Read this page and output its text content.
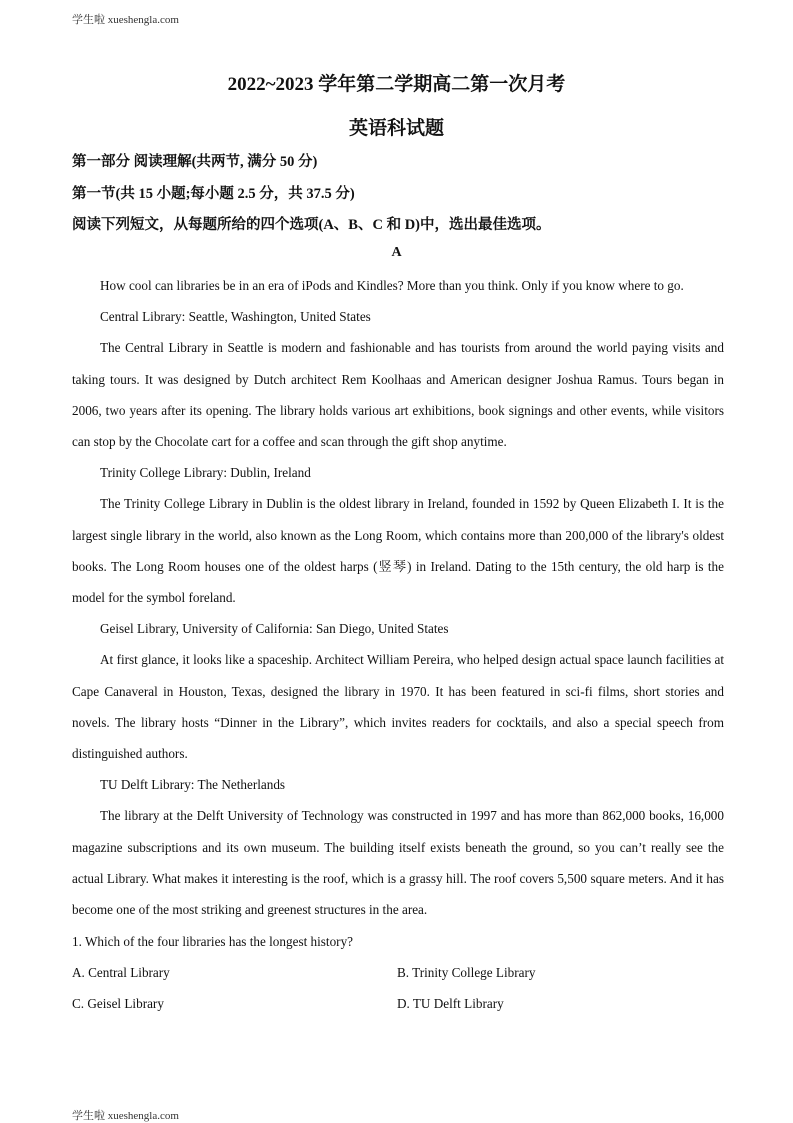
学生啦 xueshengla.com
2022~2023 学年第二学期高二第一次月考
英语科试题
第一部分 阅读理解(共两节, 满分 50 分)
第一节(共 15 小题;每小题 2.5 分，共 37.5 分)
阅读下列短文，从每题所给的四个选项(A、B、C 和 D)中，选出最佳选项。
A

How cool can libraries be in an era of iPods and Kindles? More than you think. Only if you know where to go.

Central Library: Seattle, Washington, United States

The Central Library in Seattle is modern and fashionable and has tourists from around the world paying visits and taking tours. It was designed by Dutch architect Rem Koolhaas and American designer Joshua Ramus. Tours began in 2006, two years after its opening. The library holds various art exhibitions, book signings and other events, while visitors can stop by the Chocolate cart for a coffee and scan through the gift shop anytime.

Trinity College Library: Dublin, Ireland

The Trinity College Library in Dublin is the oldest library in Ireland, founded in 1592 by Queen Elizabeth I. It is the largest single library in the world, also known as the Long Room, which contains more than 200,000 of the library's oldest books. The Long Room houses one of the oldest harps (竖琴) in Ireland. Dating to the 15th century, the old harp is the model for the symbol foreland.

Geisel Library, University of California: San Diego, United States

At first glance, it looks like a spaceship. Architect William Pereira, who helped design actual space launch facilities at Cape Canaveral in Houston, Texas, designed the library in 1970. It has been featured in sci-fi films, short stories and novels. The library hosts “Dinner in the Library”, which invites readers for cocktails, and also a special speech from distinguished authors.

TU Delft Library: The Netherlands

The library at the Delft University of Technology was constructed in 1997 and has more than 862,000 books, 16,000 magazine subscriptions and its own museum. The building itself exists beneath the ground, so you can’t really see the actual Library. What makes it interesting is the roof, which is a grassy hill. The roof covers 5,500 square meters. And it has become one of the most striking and greenest structures in the area.

1. Which of the four libraries has the longest history?
A. Central Library	B. Trinity College Library
C. Geisel Library	D. TU Delft Library
学生啦 xueshengla.com
